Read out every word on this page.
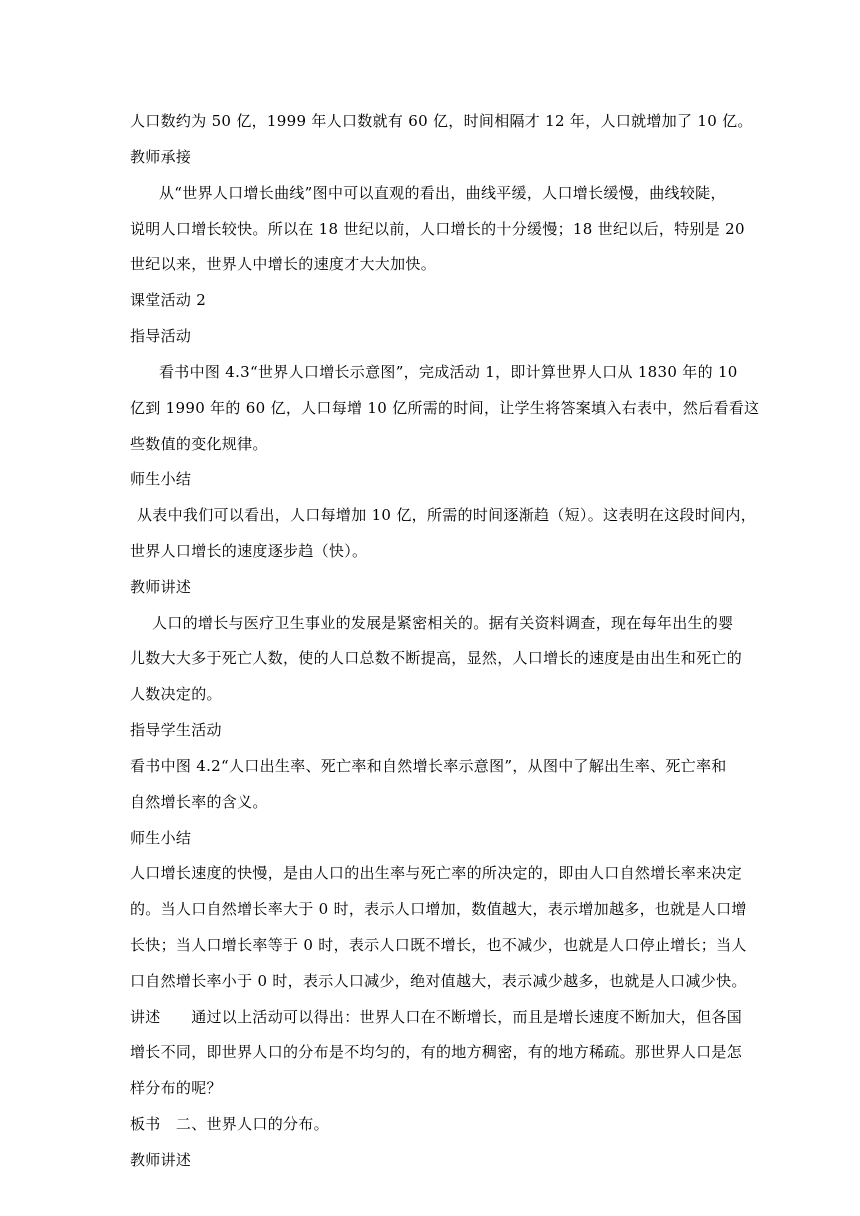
人口数约为 50 亿，1999 年人口数就有 60 亿，时间相隔才 12 年，人口就增加了 10 亿。
教师承接
从“世界人口增长曲线”图中可以直观的看出，曲线平缓，人口增长缓慢，曲线较陡，
说明人口增长较快。所以在 18 世纪以前，人口增长的十分缓慢；18 世纪以后，特别是 20
世纪以来，世界人中增长的速度才大大加快。
课堂活动 2
指导活动
看书中图 4.3“世界人口增长示意图”，完成活动 1，即计算世界人口从 1830 年的 10
亿到 1990 年的 60 亿，人口每增 10 亿所需的时间，让学生将答案填入右表中，然后看看这
些数值的变化规律。
师生小结
从表中我们可以看出，人口每增加 10 亿，所需的时间逐渐趋（短）。这表明在这段时间内，
世界人口增长的速度逐步趋（快）。
教师讲述
人口的增长与医疗卫生事业的发展是紧密相关的。据有关资料调查，现在每年出生的婴
儿数大大多于死亡人数，使的人口总数不断提高，显然，人口增长的速度是由出生和死亡的
人数决定的。
指导学生活动
看书中图 4.2“人口出生率、死亡率和自然增长率示意图”，从图中了解出生率、死亡率和
自然增长率的含义。
师生小结
人口增长速度的快慢，是由人口的出生率与死亡率的所决定的，即由人口自然增长率来决定
的。当人口自然增长率大于 0 时，表示人口增加，数值越大，表示增加越多，也就是人口增
长快；当人口增长率等于 0 时，表示人口既不增长，也不减少，也就是人口停止增长；当人
口自然增长率小于 0 时，表示人口减少，绝对值越大，表示减少越多，也就是人口减少快。
讲述　　通过以上活动可以得出：世界人口在不断增长，而且是增长速度不断加大，但各国
增长不同，即世界人口的分布是不均匀的，有的地方稠密，有的地方稀疏。那世界人口是怎
样分布的呢？
板书　二、世界人口的分布。
教师讲述
